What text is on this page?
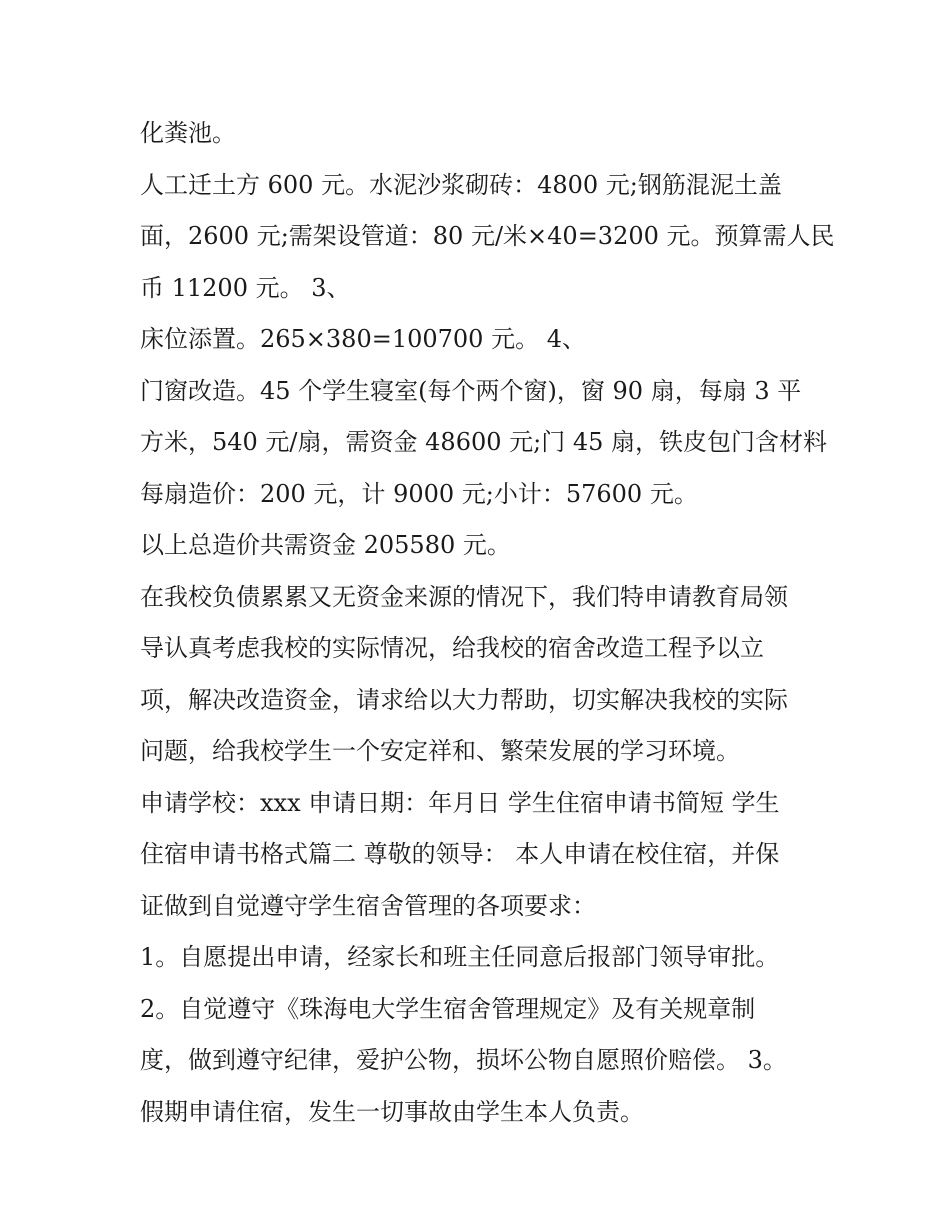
化粪池。
人工迁土方 600 元。水泥沙浆砌砖：4800 元;钢筋混泥土盖
面，2600 元;需架设管道：80 元/米×40=3200 元。预算需人民
币 11200 元。 3、
床位添置。265×380=100700 元。 4、
门窗改造。45 个学生寝室(每个两个窗)，窗 90 扇，每扇 3 平
方米，540 元/扇，需资金 48600 元;门 45 扇，铁皮包门含材料
每扇造价：200 元，计 9000 元;小计：57600 元。
以上总造价共需资金 205580 元。
在我校负债累累又无资金来源的情况下，我们特申请教育局领
导认真考虑我校的实际情况，给我校的宿舍改造工程予以立
项，解决改造资金，请求给以大力帮助，切实解决我校的实际
问题，给我校学生一个安定祥和、繁荣发展的学习环境。
申请学校：xxx 申请日期：年月日 学生住宿申请书简短 学生
住宿申请书格式篇二 尊敬的领导： 本人申请在校住宿，并保
证做到自觉遵守学生宿舍管理的各项要求：
1。自愿提出申请，经家长和班主任同意后报部门领导审批。
2。自觉遵守《珠海电大学生宿舍管理规定》及有关规章制
度，做到遵守纪律，爱护公物，损坏公物自愿照价赔偿。 3。
假期申请住宿，发生一切事故由学生本人负责。
